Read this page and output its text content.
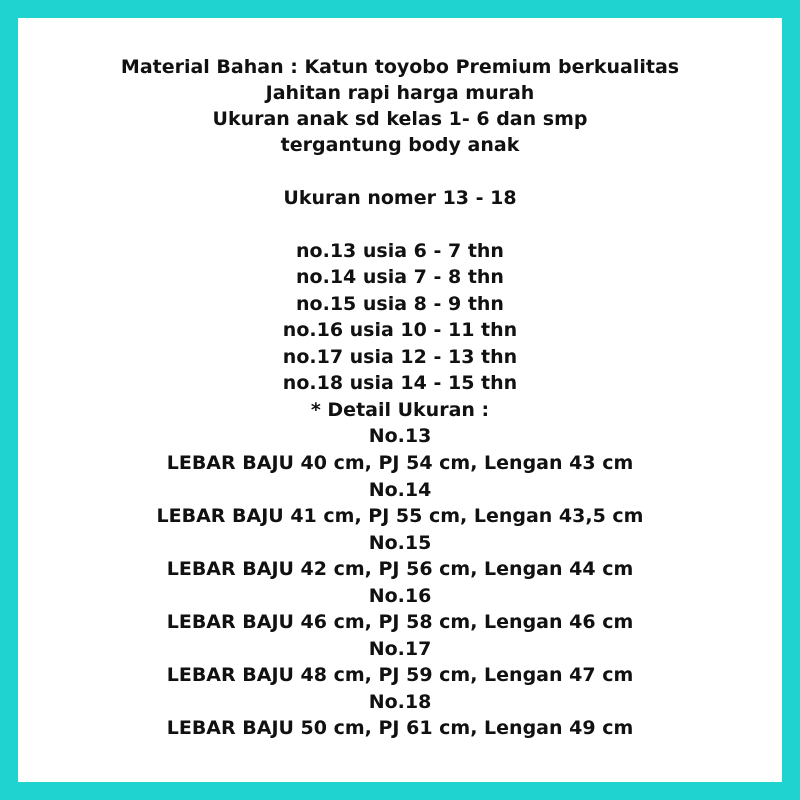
Material Bahan : Katun toyobo Premium berkualitas
Jahitan rapi harga murah
Ukuran anak sd kelas 1- 6 dan smp
tergantung body anak
Ukuran nomer 13 - 18
no.13 usia 6 - 7 thn
no.14 usia 7 - 8 thn
no.15 usia 8 - 9 thn
no.16 usia 10 - 11 thn
no.17 usia 12 - 13 thn
no.18 usia 14 - 15 thn
* Detail Ukuran :
No.13
LEBAR BAJU 40 cm, PJ 54 cm, Lengan 43 cm
No.14
LEBAR BAJU 41 cm, PJ 55 cm, Lengan 43,5 cm
No.15
LEBAR BAJU 42 cm, PJ 56 cm, Lengan 44 cm
No.16
LEBAR BAJU 46 cm, PJ 58 cm, Lengan 46 cm
No.17
LEBAR BAJU 48 cm, PJ 59 cm, Lengan 47 cm
No.18
LEBAR BAJU 50 cm, PJ 61 cm, Lengan 49 cm
